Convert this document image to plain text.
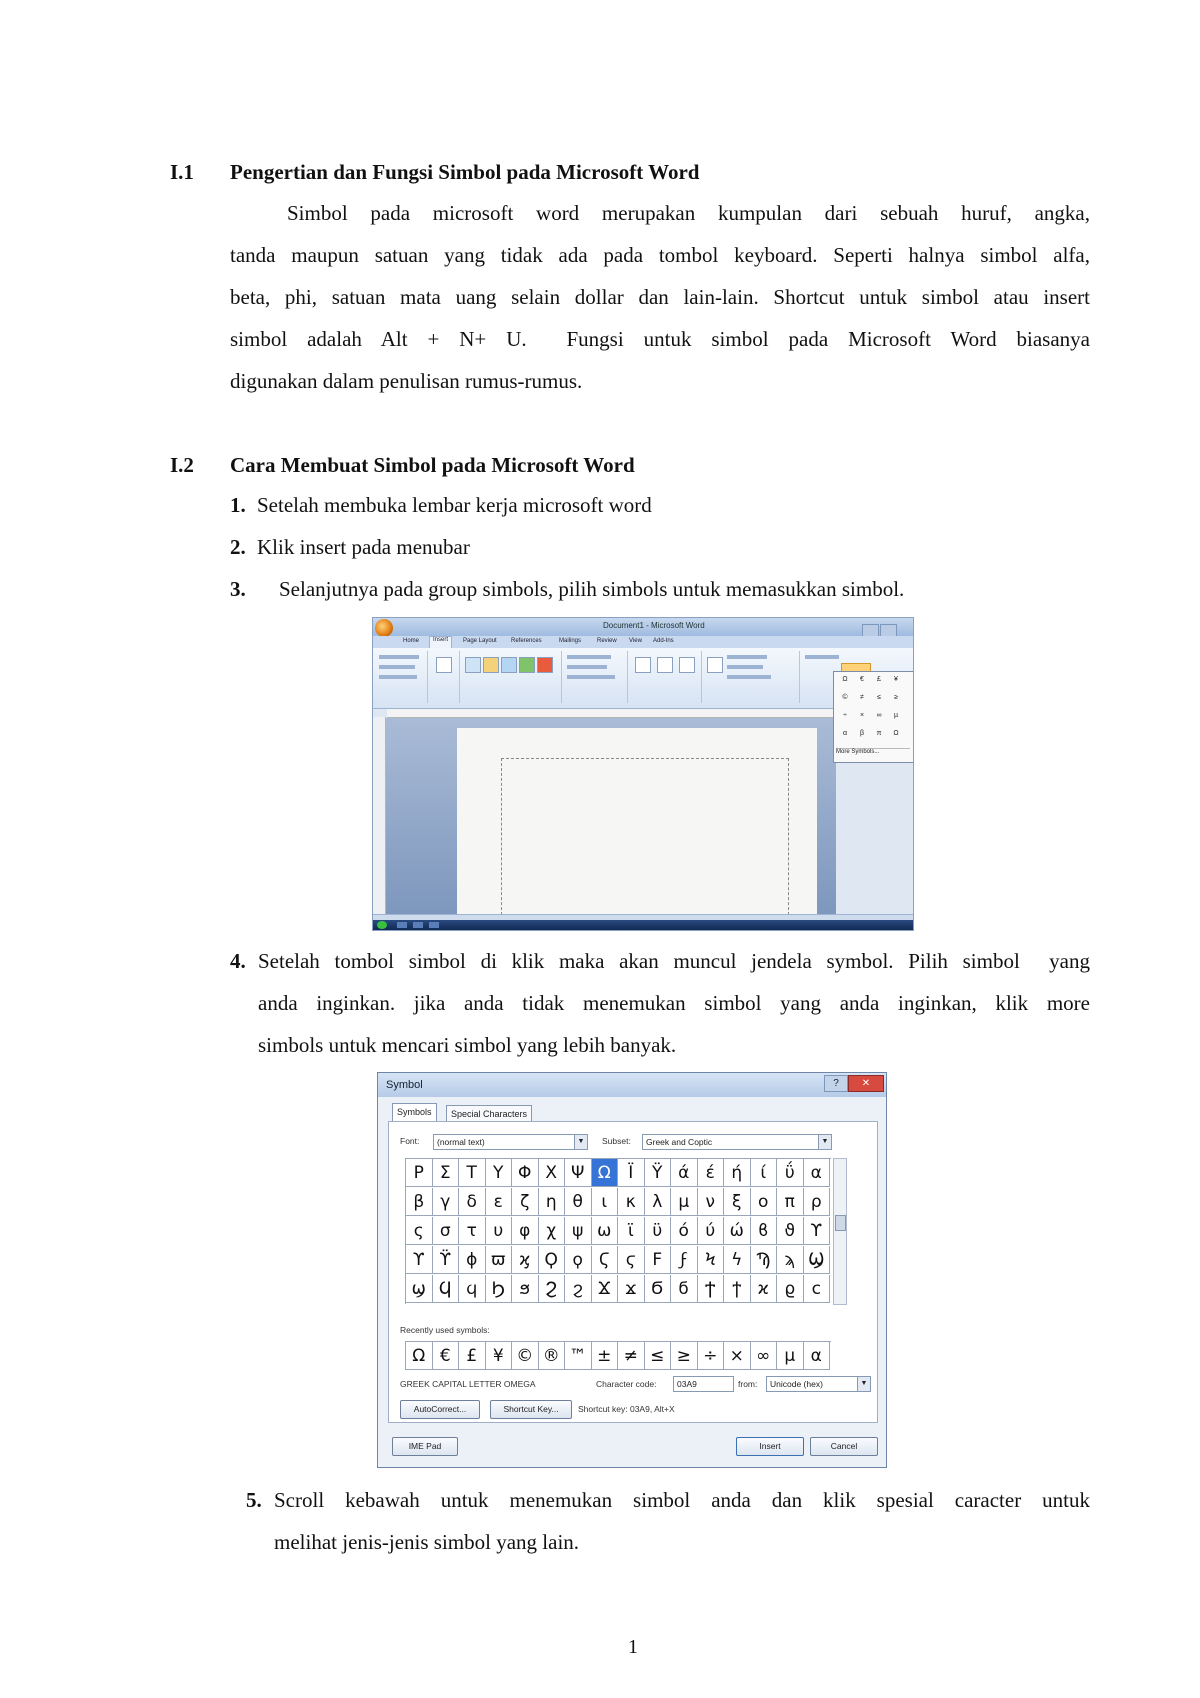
I.1 Pengertian dan Fungsi Simbol pada Microsoft Word
Simbol pada microsoft word merupakan kumpulan dari sebuah huruf, angka,
tanda maupun satuan yang tidak ada pada tombol keyboard. Seperti halnya simbol alfa,
beta, phi, satuan mata uang selain dollar dan lain-lain. Shortcut untuk simbol atau insert
simbol adalah Alt + N+ U.  Fungsi untuk simbol pada Microsoft Word biasanya
digunakan dalam penulisan rumus-rumus.
I.2 Cara Membuat Simbol pada Microsoft Word
1. Setelah membuka lembar kerja microsoft word
2. Klik insert pada menubar
3. Selanjutnya pada group simbols, pilih simbols untuk memasukkan simbol.
Document1 - Microsoft Word
Home	Insert	Page Layout References	Mailings	Review View Add-Ins
Ω	€	£	¥
©	≠	≤	≥
÷	×	∞	µ
α	β	π	Ω
More Symbols...
4. Setelah tombol simbol di klik maka akan muncul jendela symbol. Pilih simbol  yang
anda inginkan. jika anda tidak menemukan simbol yang anda inginkan, klik more
simbols untuk mencari simbol yang lebih banyak.
Symbol	?	✕
Symbols	Special Characters
Font:	(normal text)	▼ Subset:	Greek and Coptic	▼
Ρ Σ Τ Υ Φ Χ Ψ Ω	Ϊ	Ϋ ά έ ή	ί	ΰ α
β γ δ ε	ζ η θ	ι	κ λ μ ν	ξ ο π ρ
ς σ τ υ φ χ ψ ω ϊ	ϋ ό ύ ώ ϐ ϑ ϒ
ϒ ϔ ϕ ϖ ϗ Ϙ ϙ Ϛ ϛ Ϝ	ϝ	Ϟ ϟ Ϡ ϡ Ϣ
ϣ Ϥ ϥ Ϧ ϧ Ϩ ϩ Ϫ ϫ Ϭ ϭ Ϯ ϯ ϰ ϱ ϲ
Recently used symbols:
Ω € £ ¥ © ® ™ ± ≠ ≤ ≥ ÷ × ∞ µ α
GREEK CAPITAL LETTER OMEGA	Character code:	03A9	from:	Unicode (hex)	▼
AutoCorrect...	Shortcut Key...	Shortcut key: 03A9, Alt+X
IME Pad	Insert	Cancel
5. Scroll kebawah untuk menemukan simbol anda dan klik spesial caracter untuk
melihat jenis-jenis simbol yang lain.
1
